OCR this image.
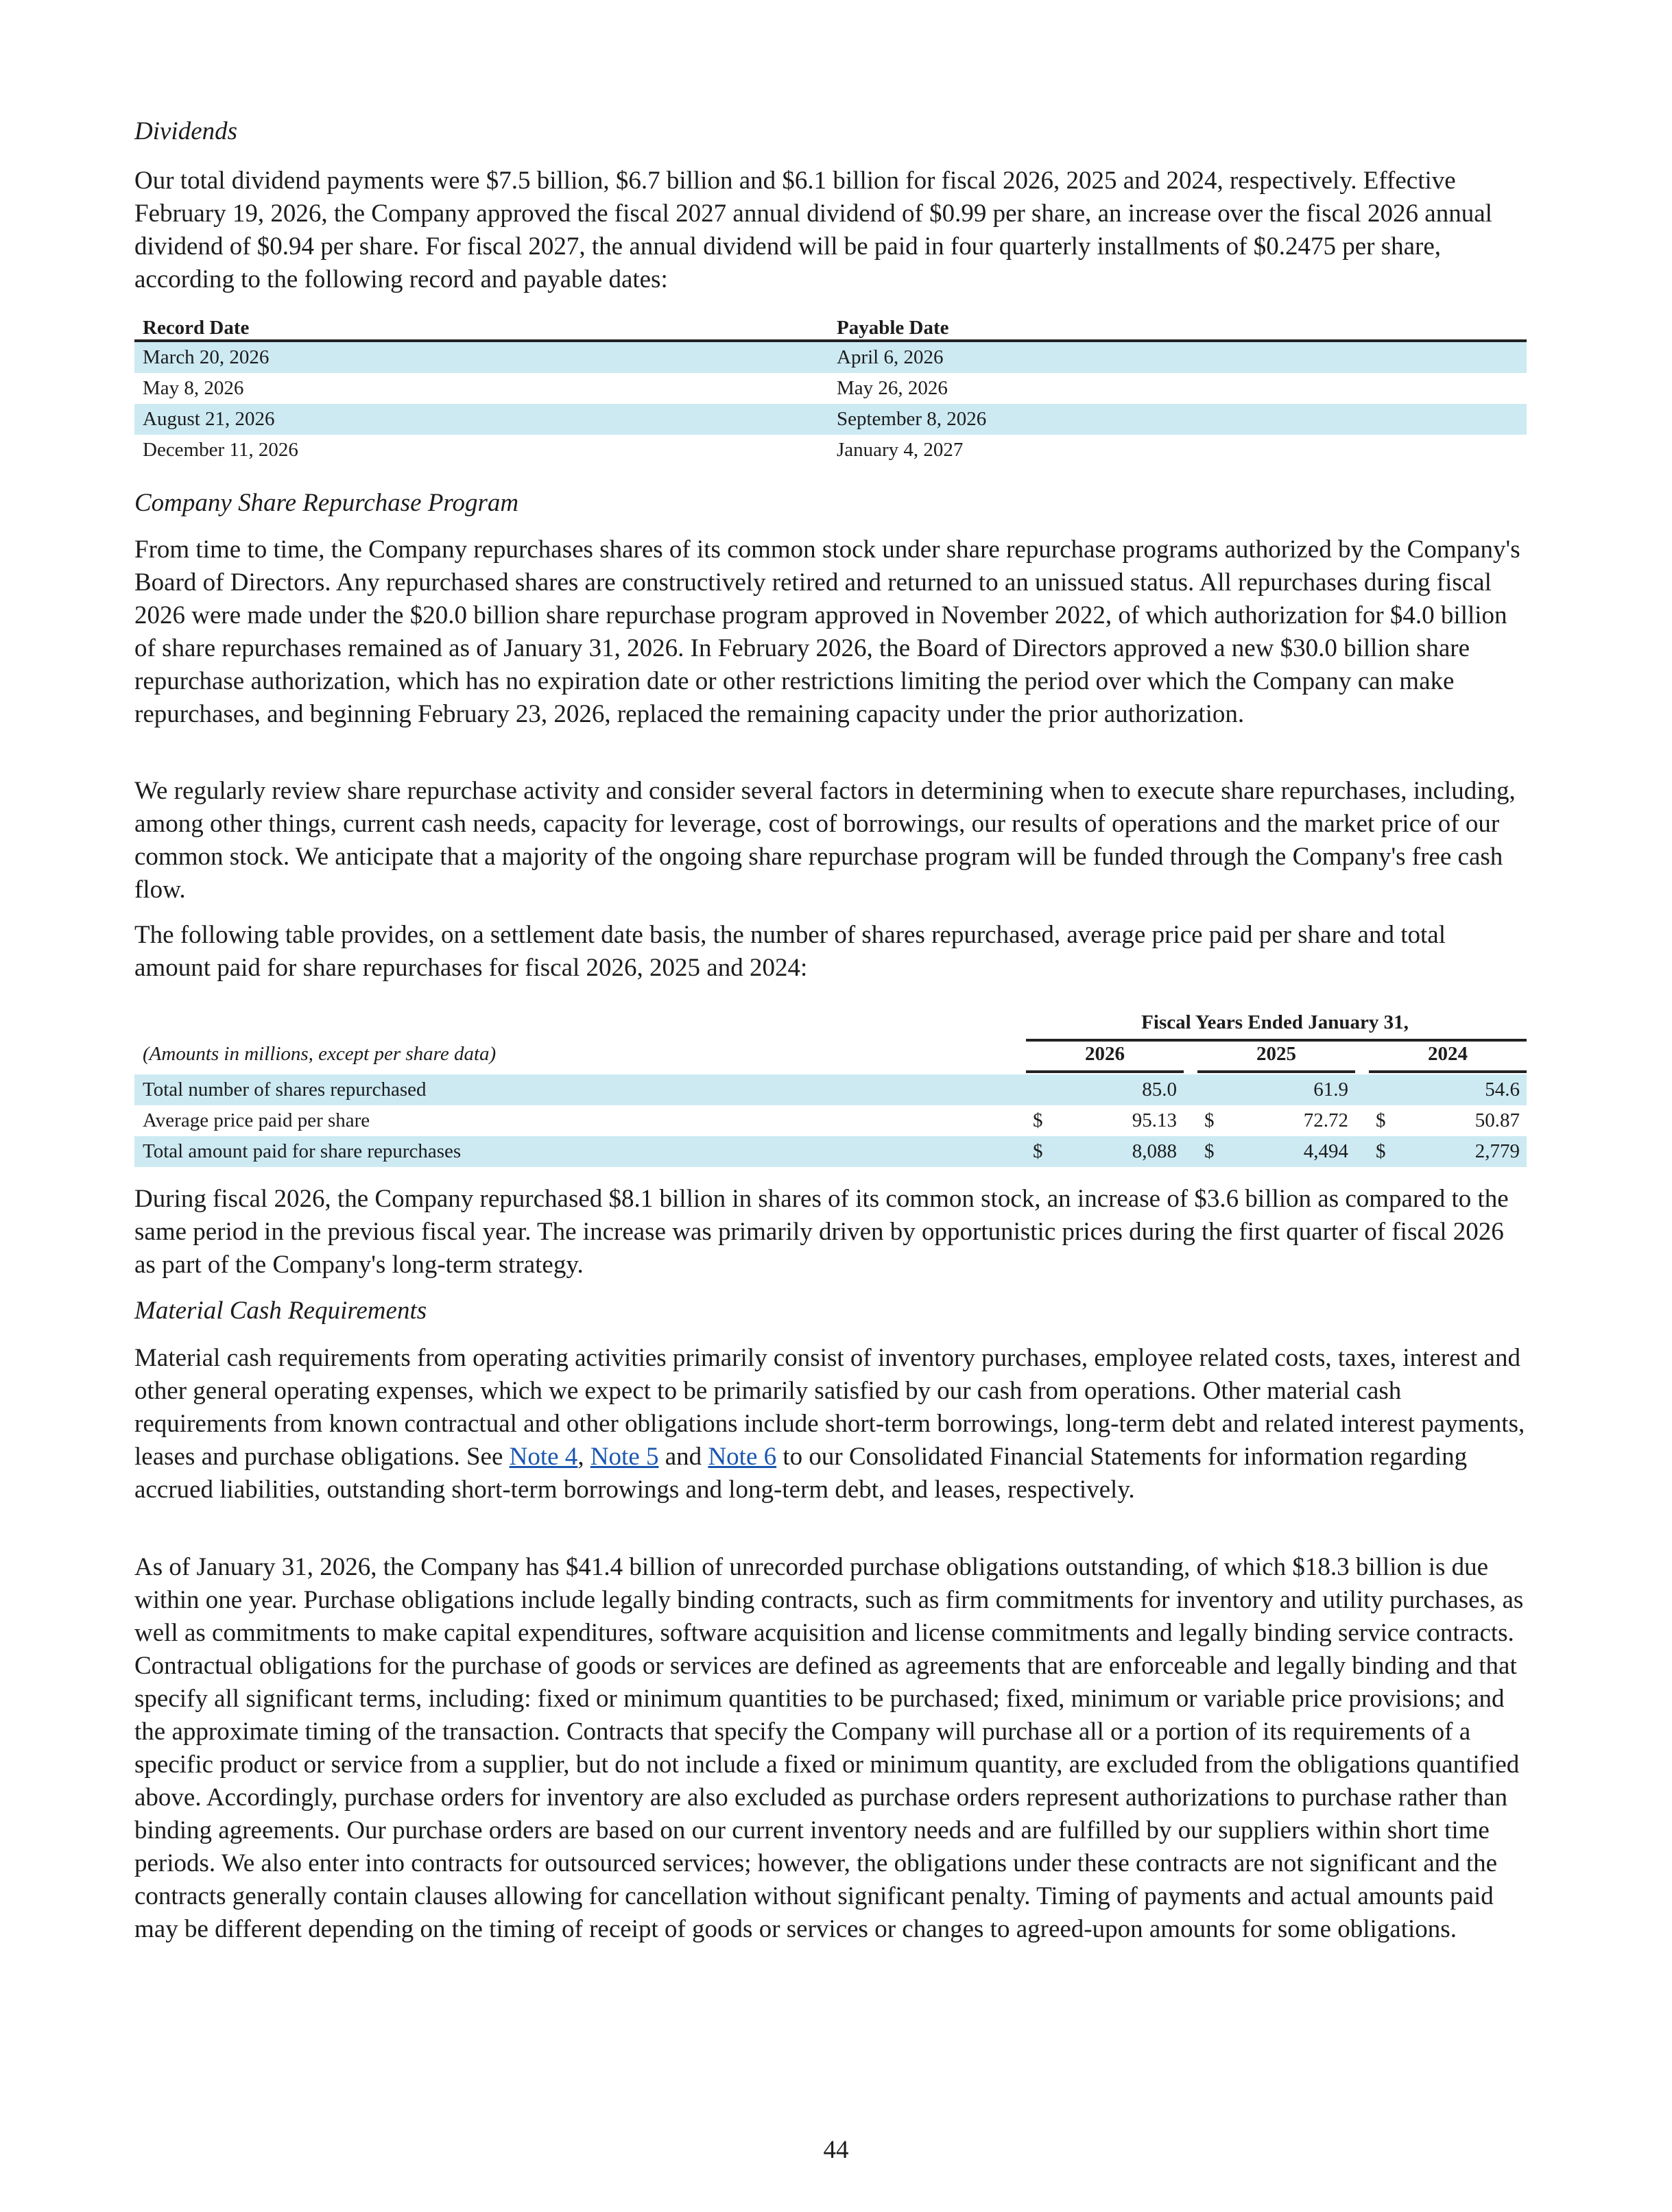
Dividends

Our total dividend payments were $7.5 billion, $6.7 billion and $6.1 billion for fiscal 2026, 2025 and 2024, respectively. Effective February 19, 2026, the Company approved the fiscal 2027 annual dividend of $0.99 per share, an increase over the fiscal 2026 annual dividend of $0.94 per share. For fiscal 2027, the annual dividend will be paid in four quarterly installments of $0.2475 per share, according to the following record and payable dates:

Record Date	Payable Date
March 20, 2026	April 6, 2026
May 8, 2026	May 26, 2026
August 21, 2026	September 8, 2026
December 11, 2026	January 4, 2027

Company Share Repurchase Program

From time to time, the Company repurchases shares of its common stock under share repurchase programs authorized by the Company's Board of Directors. Any repurchased shares are constructively retired and returned to an unissued status. All repurchases during fiscal 2026 were made under the $20.0 billion share repurchase program approved in November 2022, of which authorization for $4.0 billion of share repurchases remained as of January 31, 2026. In February 2026, the Board of Directors approved a new $30.0 billion share repurchase authorization, which has no expiration date or other restrictions limiting the period over which the Company can make repurchases, and beginning February 23, 2026, replaced the remaining capacity under the prior authorization.

We regularly review share repurchase activity and consider several factors in determining when to execute share repurchases, including, among other things, current cash needs, capacity for leverage, cost of borrowings, our results of operations and the market price of our common stock. We anticipate that a majority of the ongoing share repurchase program will be funded through the Company's free cash flow.

The following table provides, on a settlement date basis, the number of shares repurchased, average price paid per share and total amount paid for share repurchases for fiscal 2026, 2025 and 2024:

Fiscal Years Ended January 31,
(Amounts in millions, except per share data)	2026	2025	2024
Total number of shares repurchased	85.0	61.9	54.6
Average price paid per share	$	95.13 $	72.72 $	50.87
Total amount paid for share repurchases	$	8,088 $	4,494 $	2,779

During fiscal 2026, the Company repurchased $8.1 billion in shares of its common stock, an increase of $3.6 billion as compared to the same period in the previous fiscal year. The increase was primarily driven by opportunistic prices during the first quarter of fiscal 2026 as part of the Company's long-term strategy.

Material Cash Requirements

Material cash requirements from operating activities primarily consist of inventory purchases, employee related costs, taxes, interest and other general operating expenses, which we expect to be primarily satisfied by our cash from operations. Other material cash requirements from known contractual and other obligations include short-term borrowings, long-term debt and related interest payments, leases and purchase obligations. See Note 4, Note 5 and Note 6 to our Consolidated Financial Statements for information regarding accrued liabilities, outstanding short-term borrowings and long-term debt, and leases, respectively.

As of January 31, 2026, the Company has $41.4 billion of unrecorded purchase obligations outstanding, of which $18.3 billion is due within one year. Purchase obligations include legally binding contracts, such as firm commitments for inventory and utility purchases, as well as commitments to make capital expenditures, software acquisition and license commitments and legally binding service contracts. Contractual obligations for the purchase of goods or services are defined as agreements that are enforceable and legally binding and that specify all significant terms, including: fixed or minimum quantities to be purchased; fixed, minimum or variable price provisions; and the approximate timing of the transaction. Contracts that specify the Company will purchase all or a portion of its requirements of a specific product or service from a supplier, but do not include a fixed or minimum quantity, are excluded from the obligations quantified above. Accordingly, purchase orders for inventory are also excluded as purchase orders represent authorizations to purchase rather than binding agreements. Our purchase orders are based on our current inventory needs and are fulfilled by our suppliers within short time periods. We also enter into contracts for outsourced services; however, the obligations under these contracts are not significant and the contracts generally contain clauses allowing for cancellation without significant penalty. Timing of payments and actual amounts paid may be different depending on the timing of receipt of goods or services or changes to agreed-upon amounts for some obligations.

44
